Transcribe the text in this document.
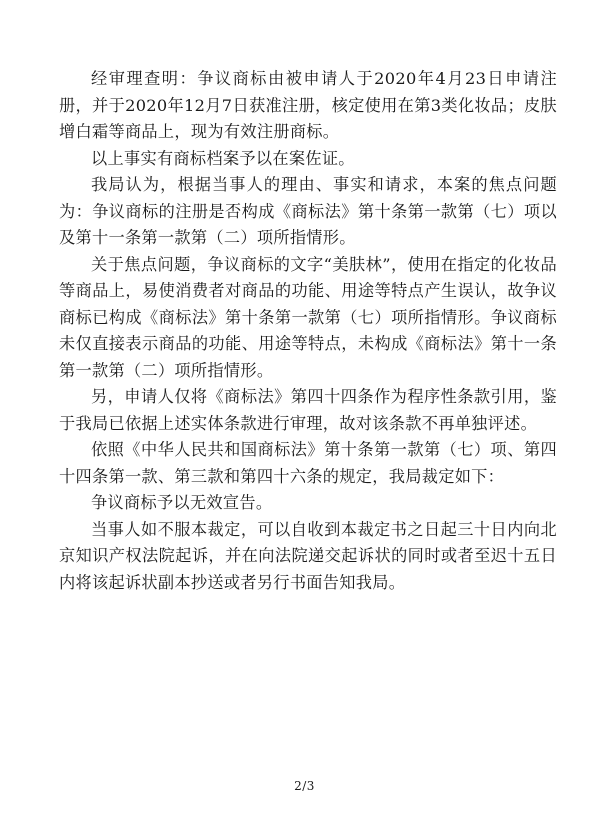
经审理查明：争议商标由被申请人于2020年4月23日申请注册，并于2020年12月7日获准注册，核定使用在第3类化妆品；皮肤增白霜等商品上，现为有效注册商标。

以上事实有商标档案予以在案佐证。

我局认为，根据当事人的理由、事实和请求，本案的焦点问题为：争议商标的注册是否构成《商标法》第十条第一款第（七）项以及第十一条第一款第（二）项所指情形。

关于焦点问题，争议商标的文字“美肤林”，使用在指定的化妆品等商品上，易使消费者对商品的功能、用途等特点产生误认，故争议商标已构成《商标法》第十条第一款第（七）项所指情形。争议商标未仅直接表示商品的功能、用途等特点，未构成《商标法》第十一条第一款第（二）项所指情形。

另，申请人仅将《商标法》第四十四条作为程序性条款引用，鉴于我局已依据上述实体条款进行审理，故对该条款不再单独评述。

依照《中华人民共和国商标法》第十条第一款第（七）项、第四十四条第一款、第三款和第四十六条的规定，我局裁定如下：

争议商标予以无效宣告。

当事人如不服本裁定，可以自收到本裁定书之日起三十日内向北京知识产权法院起诉，并在向法院递交起诉状的同时或者至迟十五日内将该起诉状副本抄送或者另行书面告知我局。

2/3
